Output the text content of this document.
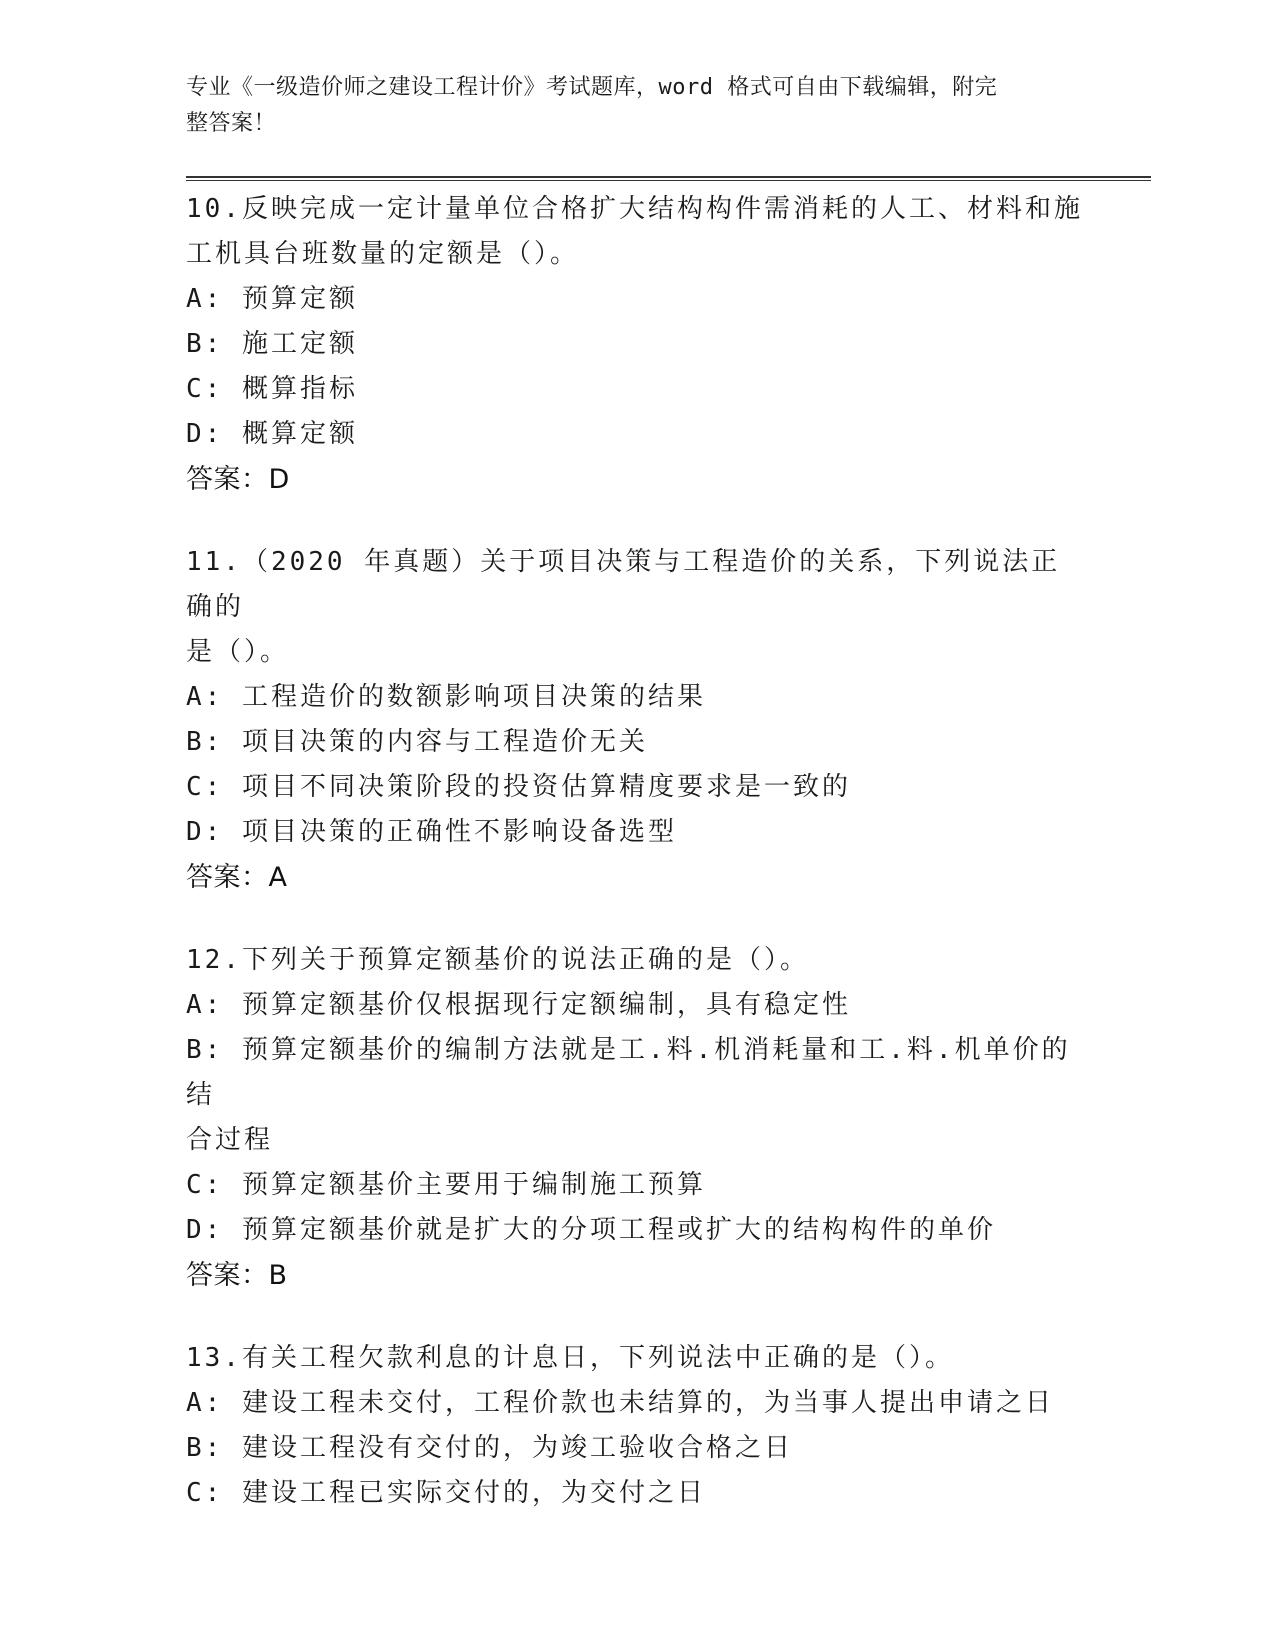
专业《一级造价师之建设工程计价》考试题库，word 格式可自由下载编辑，附完
整答案！
10.反映完成一定计量单位合格扩大结构构件需消耗的人工、材料和施
工机具台班数量的定额是（）。
A: 预算定额
B: 施工定额
C: 概算指标
D: 概算定额
答案：D
11.（2020 年真题）关于项目决策与工程造价的关系，下列说法正确的
是（）。
A: 工程造价的数额影响项目决策的结果
B: 项目决策的内容与工程造价无关
C: 项目不同决策阶段的投资估算精度要求是一致的
D: 项目决策的正确性不影响设备选型
答案：A
12.下列关于预算定额基价的说法正确的是（）。
A: 预算定额基价仅根据现行定额编制，具有稳定性
B: 预算定额基价的编制方法就是工.料.机消耗量和工.料.机单价的结
合过程
C: 预算定额基价主要用于编制施工预算
D: 预算定额基价就是扩大的分项工程或扩大的结构构件的单价
答案：B
13.有关工程欠款利息的计息日，下列说法中正确的是（）。
A: 建设工程未交付，工程价款也未结算的，为当事人提出申请之日
B: 建设工程没有交付的，为竣工验收合格之日
C: 建设工程已实际交付的，为交付之日
